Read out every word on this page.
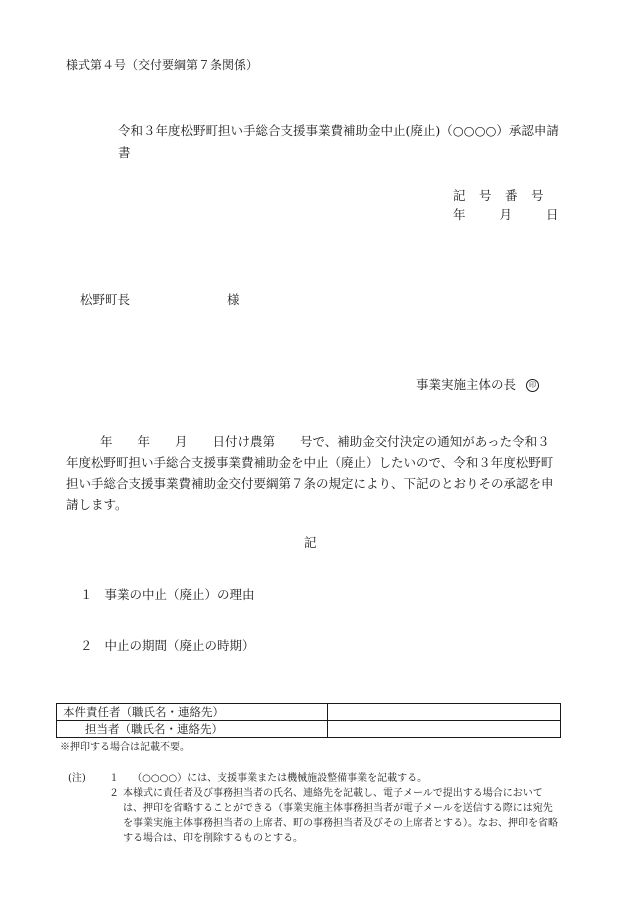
様式第４号（交付要綱第７条関係）
令和３年度松野町担い手総合支援事業費補助金中止(廃止)（○○○○）承認申請書
記　号　番　号
年　　月　　日
松野町長	様
事業実施主体の長 印
年　　年　　月　　日付け農第　　号で、補助金交付決定の通知があった令和３年度松野町担い手総合支援事業費補助金を中止（廃止）したいので、令和３年度松野町担い手総合支援事業費補助金交付要綱第７条の規定により、下記のとおりその承認を申請します。
記
１ 事業の中止（廃止）の理由
２ 中止の期間（廃止の時期）
本件責任者（職氏名・連絡先）	
担当者（職氏名・連絡先）	
※押印する場合は記載不要。
(注) １ （○○○○）には、支援事業または機械施設整備事業を記載する。
２ 本様式に責任者及び事務担当者の氏名、連絡先を記載し、電子メールで提出する場合においては、押印を省略することができる（事業実施主体事務担当者が電子メールを送信する際には宛先を事業実施主体事務担当者の上席者、町の事務担当者及びその上席者とする）。なお、押印を省略する場合は、印を削除するものとする。
